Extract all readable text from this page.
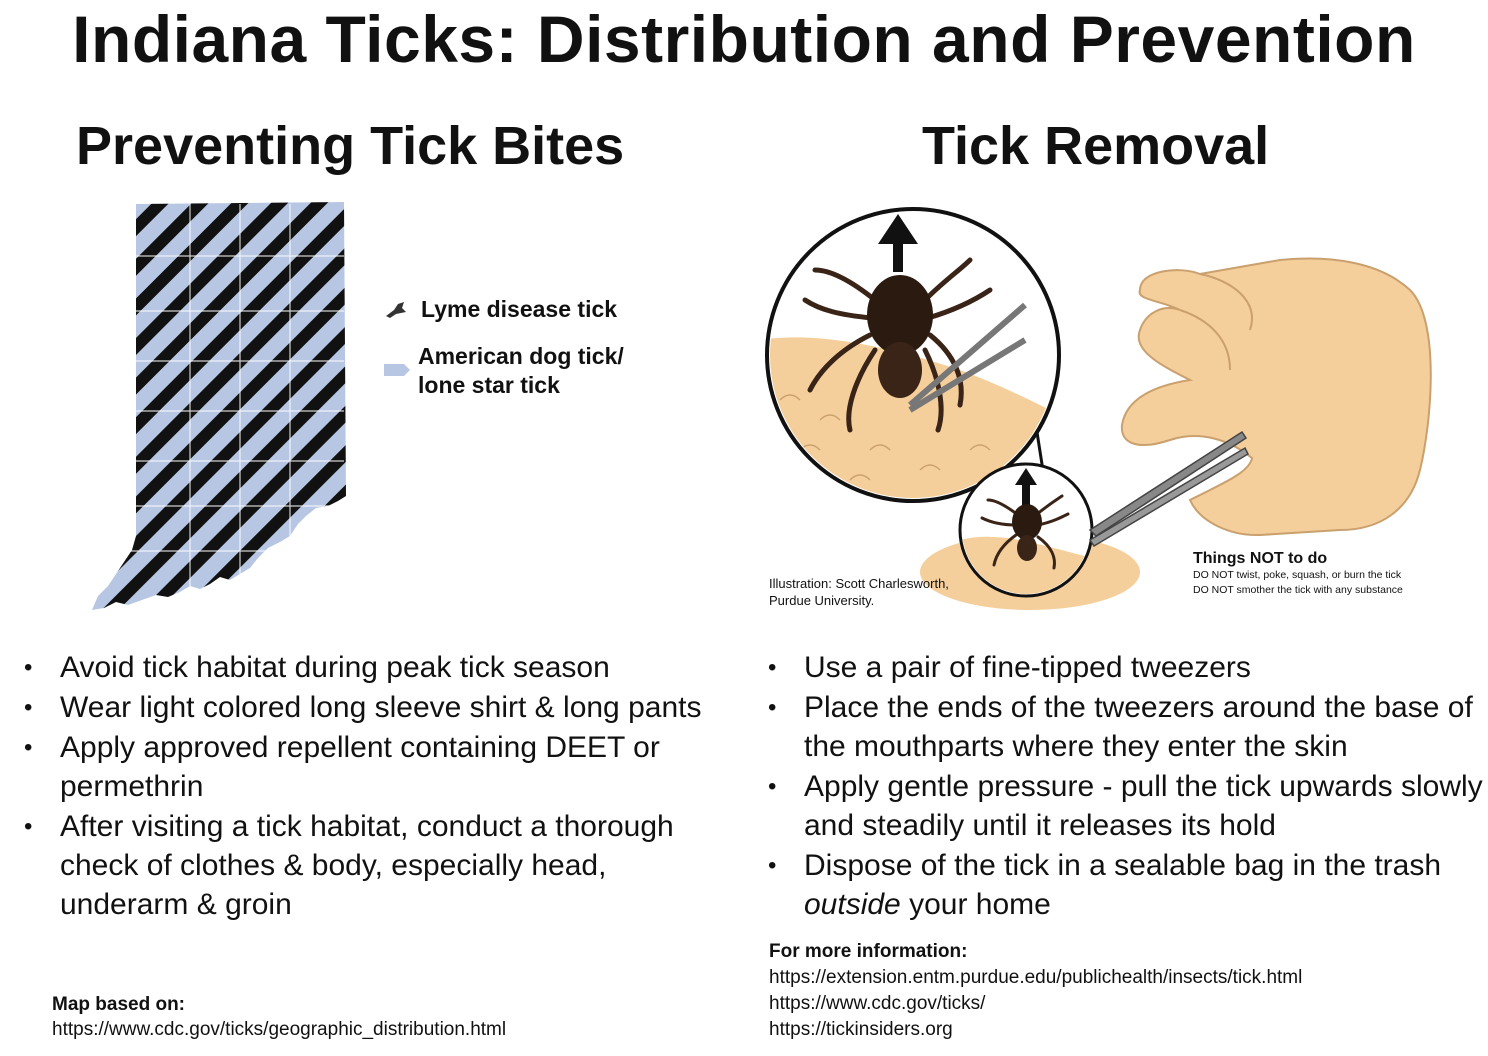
Indiana Ticks: Distribution and Prevention
Preventing Tick Bites	Tick Removal
Lyme disease tick
American dog tick/
lone star tick
Illustration: Scott Charlesworth,
Purdue University.
Things NOT to do
DO NOT twist, poke, squash, or burn the tick
DO NOT smother the tick with any substance
• Avoid tick habitat during peak tick season
• Wear light colored long sleeve shirt & long pants
• Apply approved repellent containing DEET or permethrin
• After visiting a tick habitat, conduct a thorough check of clothes & body, especially head, underarm & groin
• Use a pair of fine-tipped tweezers
• Place the ends of the tweezers around the base of the mouthparts where they enter the skin
• Apply gentle pressure - pull the tick upwards slowly and steadily until it releases its hold
• Dispose of the tick in a sealable bag in the trash outside your home
Map based on:
https://www.cdc.gov/ticks/geographic_distribution.html
For more information:
https://extension.entm.purdue.edu/publichealth/insects/tick.html
https://www.cdc.gov/ticks/
https://tickinsiders.org
